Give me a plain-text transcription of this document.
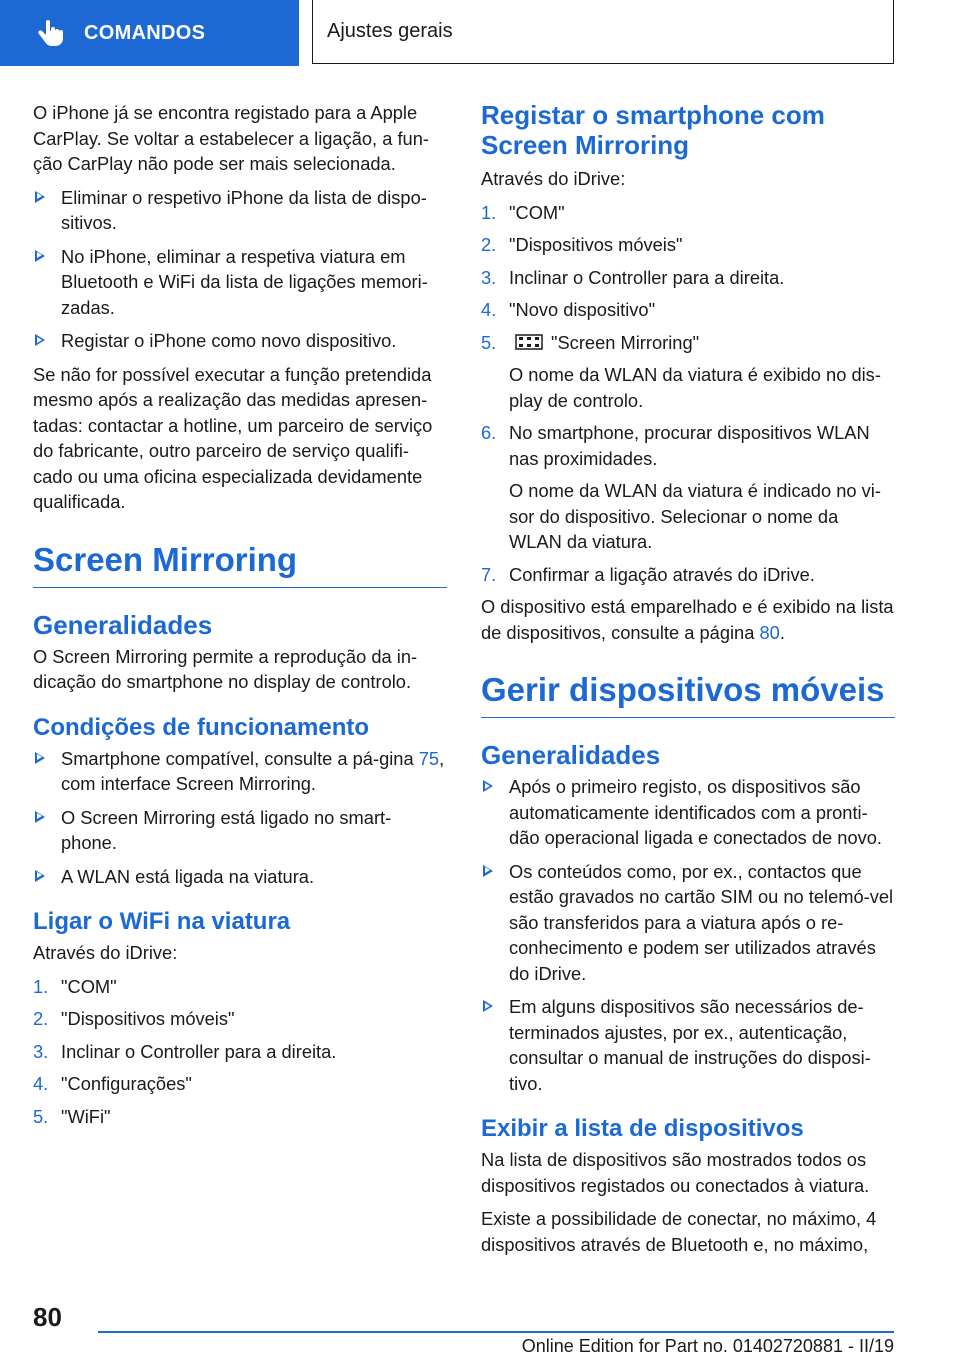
COMANDOS	Ajustes gerais

O iPhone já se encontra registado para a Apple CarPlay. Se voltar a estabelecer a ligação, a fun-ção CarPlay não pode ser mais selecionada.

Eliminar o respetivo iPhone da lista de dispo-sitivos.
No iPhone, eliminar a respetiva viatura em Bluetooth e WiFi da lista de ligações memori-zadas.
Registar o iPhone como novo dispositivo.

Se não for possível executar a função pretendida mesmo após a realização das medidas apresen-tadas: contactar a hotline, um parceiro de serviço do fabricante, outro parceiro de serviço qualifi-cado ou uma oficina especializada devidamente qualificada.

Screen Mirroring
Generalidades

O Screen Mirroring permite a reprodução da in-dicação do smartphone no display de controlo.

Condições de funcionamento
Smartphone compatível, consulte a pá-gina 75, com interface Screen Mirroring.
O Screen Mirroring está ligado no smart-phone.
A WLAN está ligada na viatura.
Ligar o WiFi na viatura

Através do iDrive:

1. "COM"
2. "Dispositivos móveis"
3. Inclinar o Controller para a direita.
4. "Configurações"
5. "WiFi"
Registar o smartphone com Screen Mirroring

Através do iDrive:

1. "COM"
2. "Dispositivos móveis"
3. Inclinar o Controller para a direita.
4. "Novo dispositivo"
5.	"Screen Mirroring"
O nome da WLAN da viatura é exibido no dis-play de controlo.
6. No smartphone, procurar dispositivos WLAN nas proximidades.
O nome da WLAN da viatura é indicado no vi-sor do dispositivo. Selecionar o nome da WLAN da viatura.
7. Confirmar a ligação através do iDrive.

O dispositivo está emparelhado e é exibido na lista de dispositivos, consulte a página 80.

Gerir dispositivos móveis
Generalidades
Após o primeiro registo, os dispositivos são automaticamente identificados com a pronti-dão operacional ligada e conectados de novo.
Os conteúdos como, por ex., contactos que estão gravados no cartão SIM ou no telemó-vel são transferidos para a viatura após o re-conhecimento e podem ser utilizados através do iDrive.
Em alguns dispositivos são necessários de-terminados ajustes, por ex., autenticação, consultar o manual de instruções do disposi-tivo.
Exibir a lista de dispositivos

Na lista de dispositivos são mostrados todos os dispositivos registados ou conectados à viatura.

Existe a possibilidade de conectar, no máximo, 4 dispositivos através de Bluetooth e, no máximo,

80
Online Edition for Part no. 01402720881 - II/19
